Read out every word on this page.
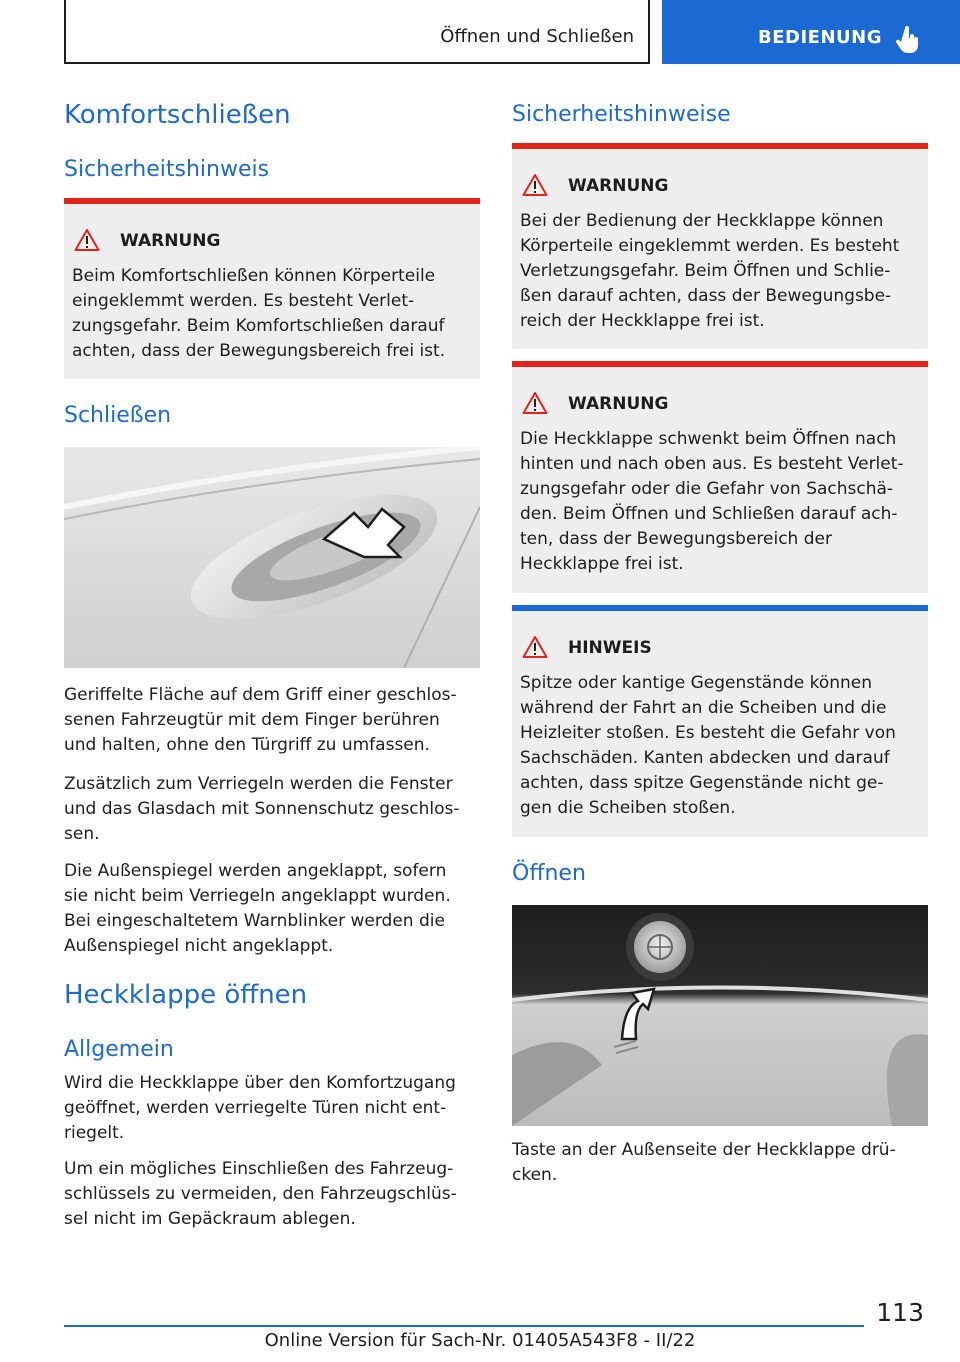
Öffnen und Schließen	BEDIENUNG
Komfortschließen
Sicherheitshinweis
WARNUNG
Beim Komfortschließen können Körperteile
eingeklemmt werden. Es besteht Verlet-
zungsgefahr. Beim Komfortschließen darauf
achten, dass der Bewegungsbereich frei ist.
Schließen
Geriffelte Fläche auf dem Griff einer geschlos-
senen Fahrzeugtür mit dem Finger berühren
und halten, ohne den Türgriff zu umfassen.
Zusätzlich zum Verriegeln werden die Fenster
und das Glasdach mit Sonnenschutz geschlos-
sen.
Die Außenspiegel werden angeklappt, sofern
sie nicht beim Verriegeln angeklappt wurden.
Bei eingeschaltetem Warnblinker werden die
Außenspiegel nicht angeklappt.
Heckklappe öffnen
Allgemein
Wird die Heckklappe über den Komfortzugang
geöffnet, werden verriegelte Türen nicht ent-
riegelt.
Um ein mögliches Einschließen des Fahrzeug-
schlüssels zu vermeiden, den Fahrzeugschlüs-
sel nicht im Gepäckraum ablegen.
Sicherheitshinweise
WARNUNG
Bei der Bedienung der Heckklappe können
Körperteile eingeklemmt werden. Es besteht
Verletzungsgefahr. Beim Öffnen und Schlie-
ßen darauf achten, dass der Bewegungsbe-
reich der Heckklappe frei ist.
WARNUNG
Die Heckklappe schwenkt beim Öffnen nach
hinten und nach oben aus. Es besteht Verlet-
zungsgefahr oder die Gefahr von Sachschä-
den. Beim Öffnen und Schließen darauf ach-
ten, dass der Bewegungsbereich der
Heckklappe frei ist.
HINWEIS
Spitze oder kantige Gegenstände können
während der Fahrt an die Scheiben und die
Heizleiter stoßen. Es besteht die Gefahr von
Sachschäden. Kanten abdecken und darauf
achten, dass spitze Gegenstände nicht ge-
gen die Scheiben stoßen.
Öffnen
Taste an der Außenseite der Heckklappe drü-
cken.
113
Online Version für Sach-Nr. 01405A543F8 - II/22
